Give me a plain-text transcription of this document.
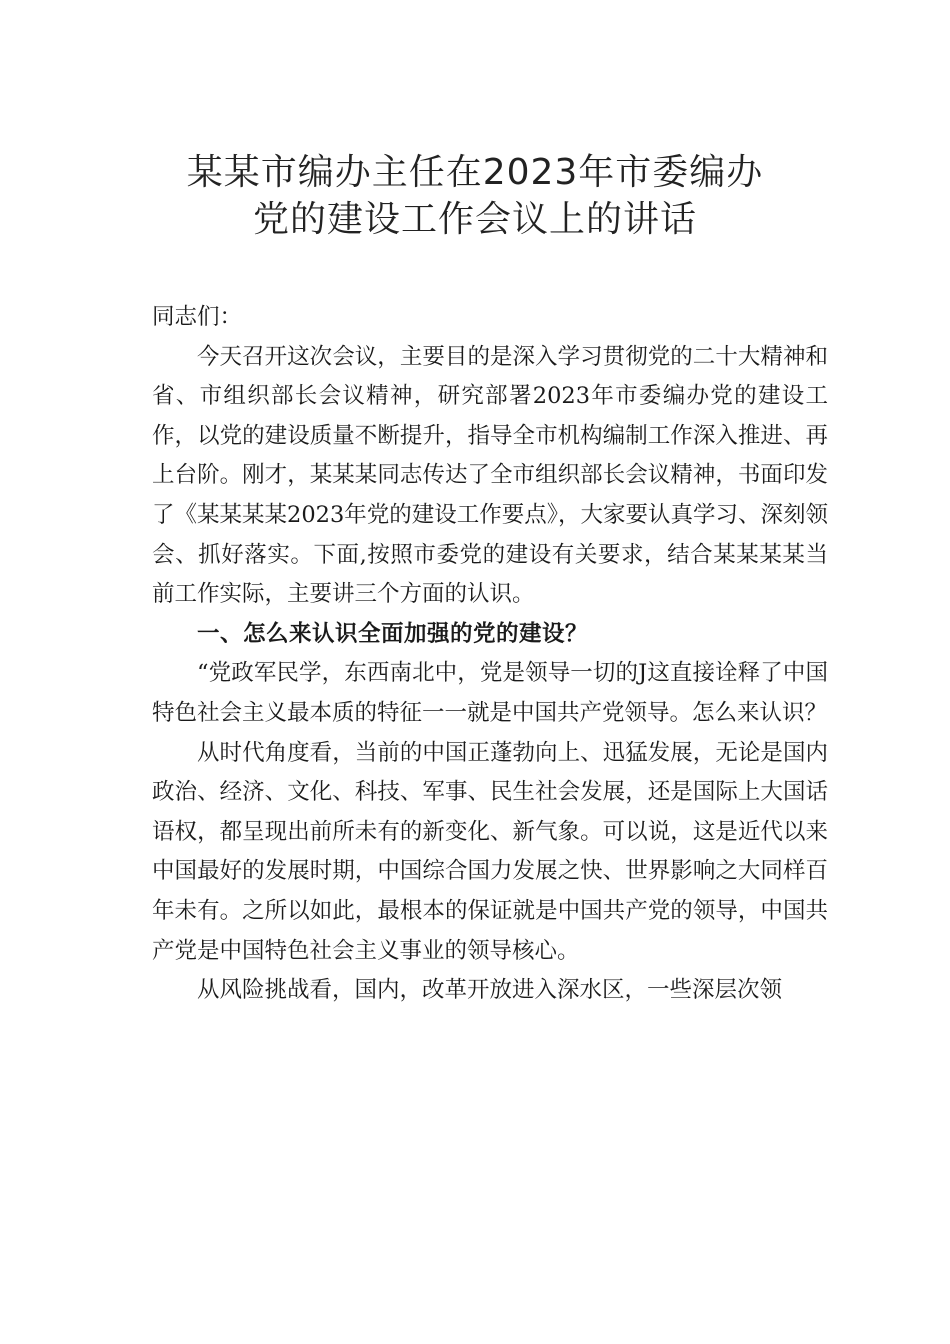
某某市编办主任在2023年市委编办
党的建设工作会议上的讲话

同志们：

今天召开这次会议，主要目的是深入学习贯彻党的二十大精神和省、市组织部长会议精神，研究部署2023年市委编办党的建设工作，以党的建设质量不断提升，指导全市机构编制工作深入推进、再上台阶。刚才，某某某同志传达了全市组织部长会议精神，书面印发了《某某某某2023年党的建设工作要点》，大家要认真学习、深刻领会、抓好落实。下面,按照市委党的建设有关要求，结合某某某某当前工作实际，主要讲三个方面的认识。

一、怎么来认识全面加强的党的建设？

“党政军民学，东西南北中，党是领导一切的J这直接诠释了中国特色社会主义最本质的特征一一就是中国共产党领导。怎么来认识？

从时代角度看，当前的中国正蓬勃向上、迅猛发展，无论是国内政治、经济、文化、科技、军事、民生社会发展，还是国际上大国话语权，都呈现出前所未有的新变化、新气象。可以说，这是近代以来中国最好的发展时期，中国综合国力发展之快、世界影响之大同样百年未有。之所以如此，最根本的保证就是中国共产党的领导，中国共产党是中国特色社会主义事业的领导核心。

从风险挑战看，国内，改革开放进入深水区，一些深层次领
